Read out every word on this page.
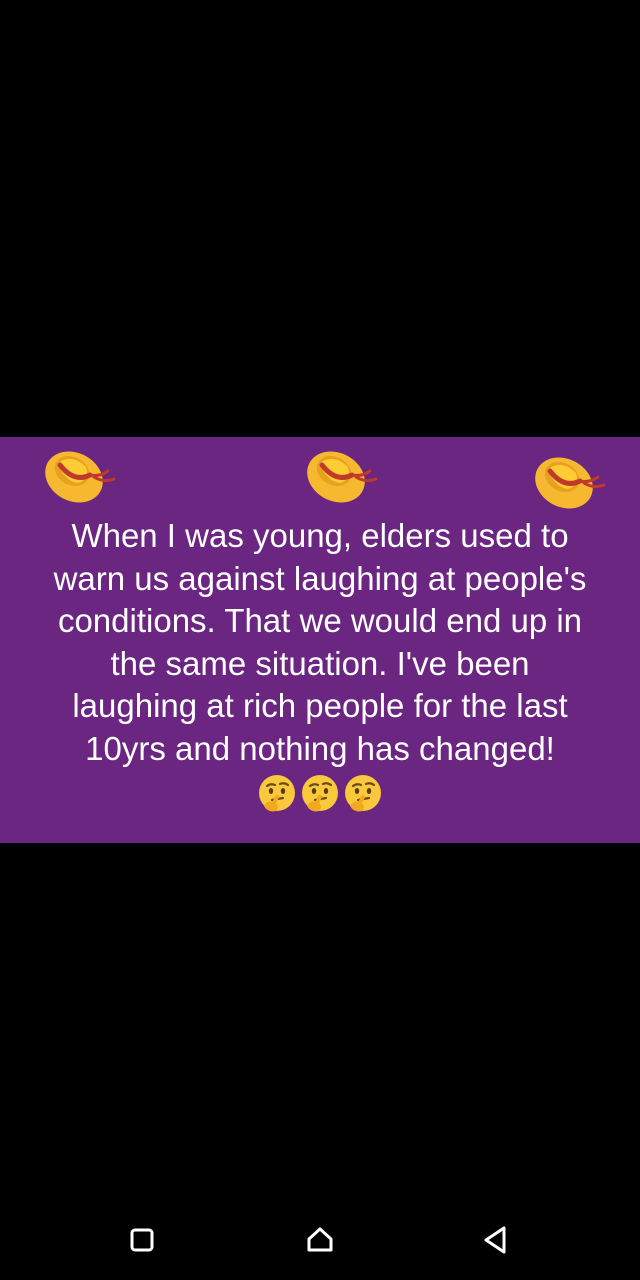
When I was young, elders used to
warn us against laughing at people's
conditions. That we would end up in
the same situation. I've been
laughing at rich people for the last
10yrs and nothing has changed!
